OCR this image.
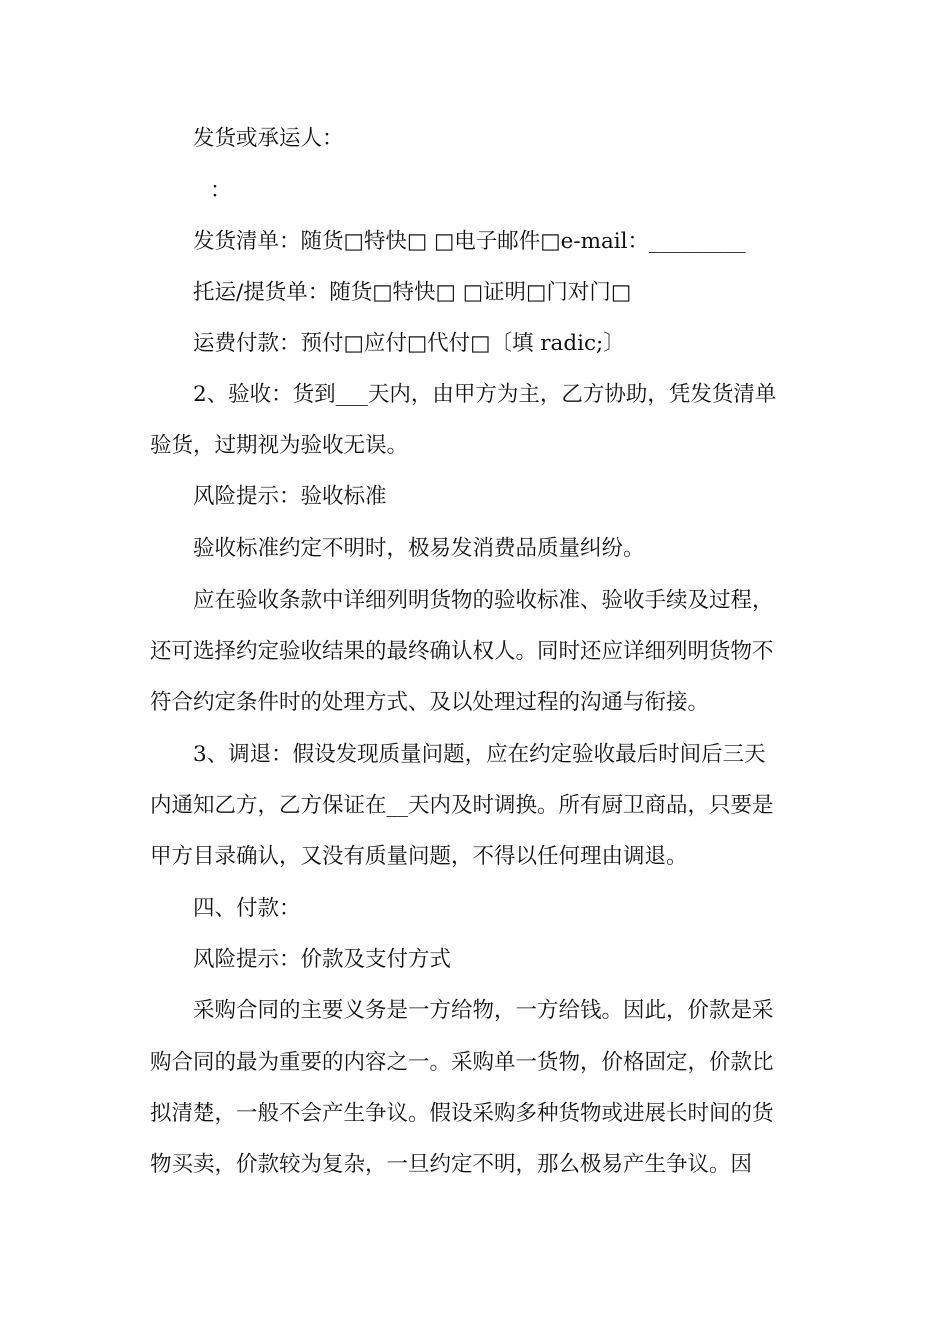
发货或承运人：
：
发货清单：随货□特快□ □电子邮件□e-mail：_________
托运/提货单：随货□特快□ □证明□门对门□
运费付款：预付□应付□代付□〔填 radic;〕
2、验收：货到___天内，由甲方为主，乙方协助，凭发货清单
验货，过期视为验收无误。
风险提示：验收标准
验收标准约定不明时，极易发消费品质量纠纷。
应在验收条款中详细列明货物的验收标准、验收手续及过程，
还可选择约定验收结果的最终确认权人。同时还应详细列明货物不
符合约定条件时的处理方式、及以处理过程的沟通与衔接。
3、调退：假设发现质量问题，应在约定验收最后时间后三天
内通知乙方，乙方保证在__天内及时调换。所有厨卫商品，只要是
甲方目录确认，又没有质量问题，不得以任何理由调退。
四、付款：
风险提示：价款及支付方式
采购合同的主要义务是一方给物，一方给钱。因此，价款是采
购合同的最为重要的内容之一。采购单一货物，价格固定，价款比
拟清楚，一般不会产生争议。假设采购多种货物或进展长时间的货
物买卖，价款较为复杂，一旦约定不明，那么极易产生争议。因
